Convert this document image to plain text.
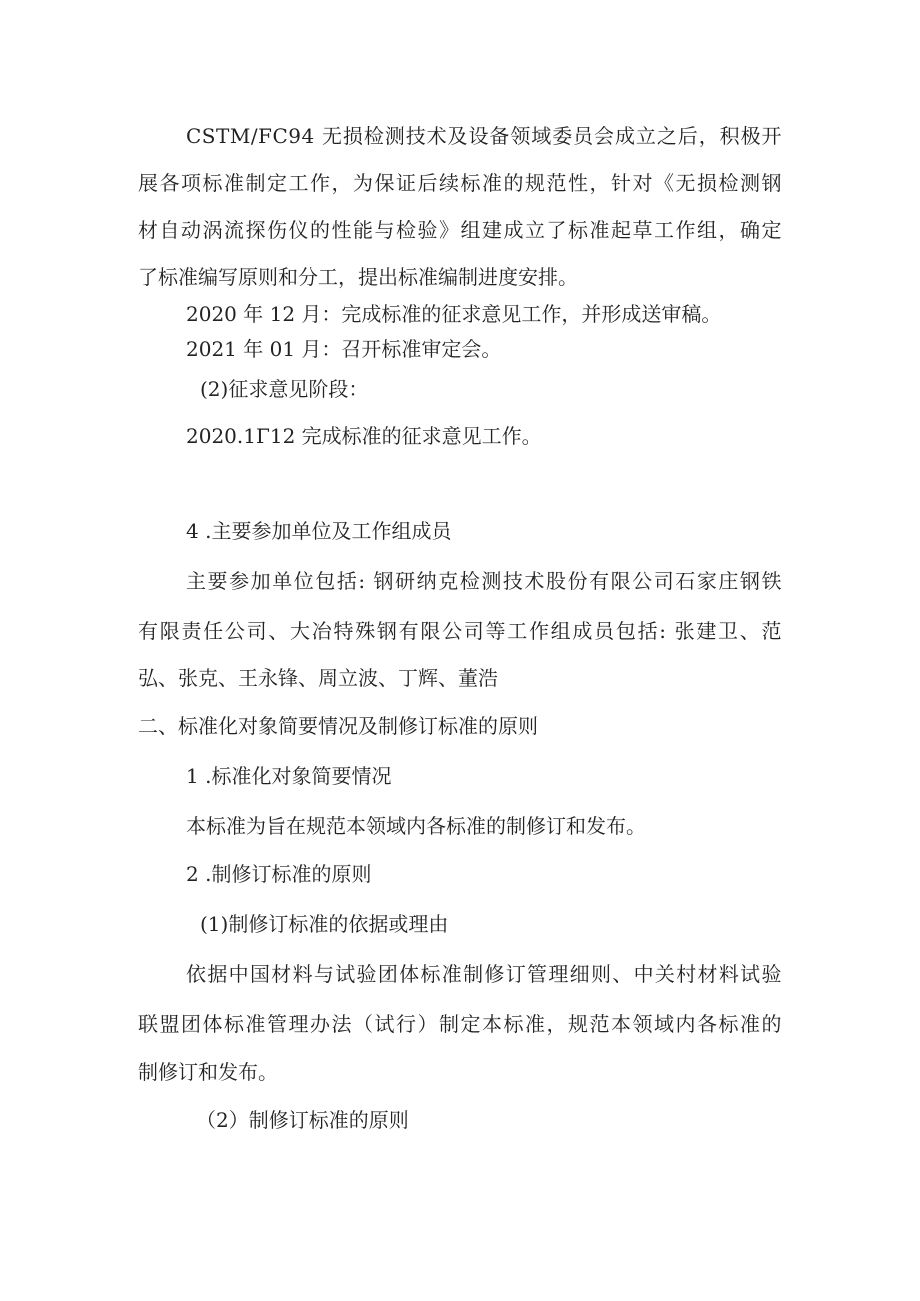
CSTM/FC94 无损检测技术及设备领域委员会成立之后，积极开

展各项标准制定工作，为保证后续标准的规范性，针对《无损检测钢

材自动涡流探伤仪的性能与检验》组建成立了标准起草工作组，确定

了标准编写原则和分工，提出标准编制进度安排。

2020 年 12 月：完成标准的征求意见工作，并形成送审稿。

2021 年 01 月：召开标准审定会。

(2)征求意见阶段：

2020.1Γ12 完成标准的征求意见工作。

4 .主要参加单位及工作组成员

主要参加单位包括: 钢研纳克检测技术股份有限公司石家庄钢铁

有限责任公司、大冶特殊钢有限公司等工作组成员包括: 张建卫、范

弘、张克、王永锋、周立波、丁辉、董浩

二、标准化对象简要情况及制修订标准的原则

1 .标准化对象简要情况

本标准为旨在规范本领域内各标准的制修订和发布。

2 .制修订标准的原则

(1)制修订标准的依据或理由

依据中国材料与试验团体标准制修订管理细则、中关村材料试验

联盟团体标准管理办法（试行）制定本标准，规范本领域内各标准的

制修订和发布。

（2）制修订标准的原则
